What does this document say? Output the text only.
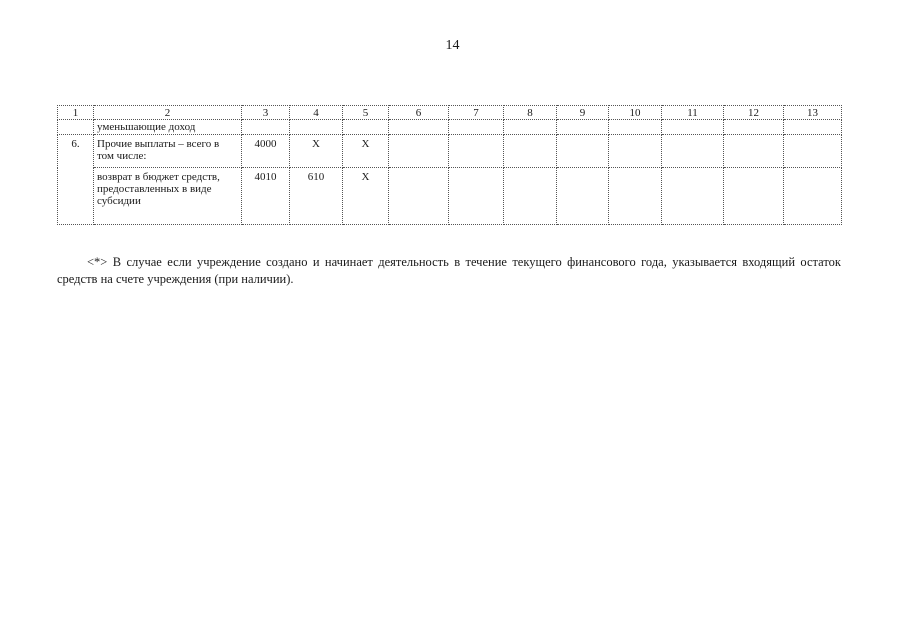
14
1	2	3	4	5	6	7	8	9	10	11	12	13
	уменьшающие доход											
6.	Прочие выплаты – всего в том числе:	4000	X	X								
	возврат в бюджет средств, предоставленных в виде субсидии	4010	610	X								

<*> В случае если учреждение создано и начинает деятельность в течение текущего финансового года, указывается входящий остаток средств на счете учреждения (при наличии).
